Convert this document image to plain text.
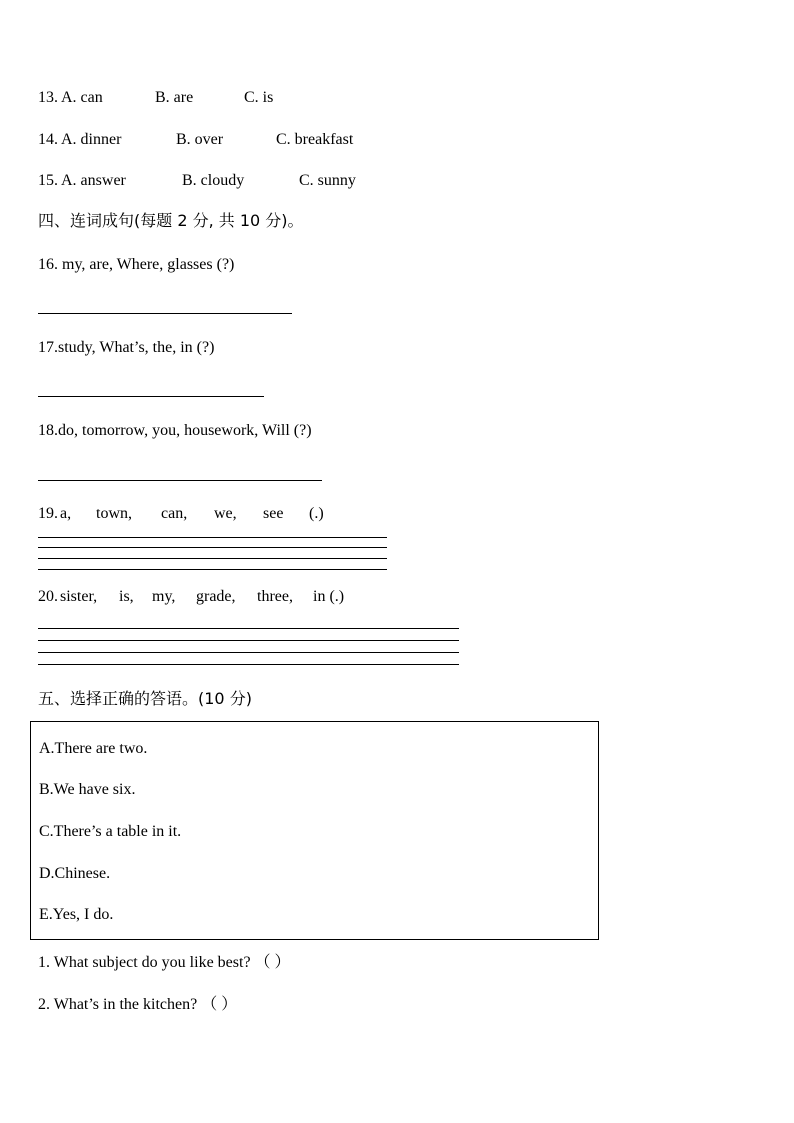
13. A. can	B. are	C. is
14. A. dinner	B. over	C. breakfast
15. A. answer	B. cloudy	C. sunny
四、连词成句(每题 2 分, 共 10 分)。
16. my, are, Where, glasses (?)
17.study, What’s, the, in (?)
18.do, tomorrow, you, housework, Will (?)
19. a, town, can, we, see (.)
20. sister, is, my, grade, three, in (.)
五、选择正确的答语。(10 分)
A.There are two.
B.We have six.
C.There’s a table in it.
D.Chinese.
E.Yes, I do.
1. What subject do you like best? （ ）
2. What’s in the kitchen? （ ）
